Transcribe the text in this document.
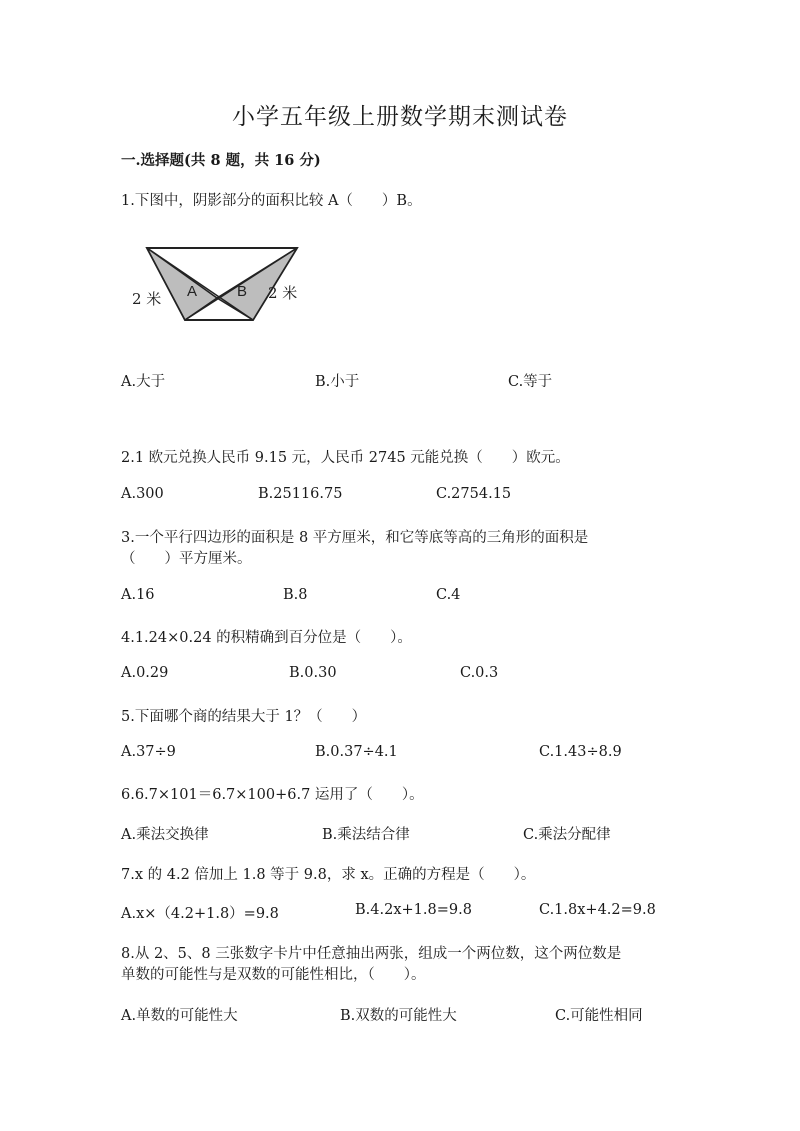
小学五年级上册数学期末测试卷
一.选择题(共 8 题，共 16 分)
1.下图中，阴影部分的面积比较 A（　　）B。
A	B
2 米	2 米
A.大于	B.小于	C.等于
2.1 欧元兑换人民币 9.15 元，人民币 2745 元能兑换（　　）欧元。
A.300	B.25116.75	C.2754.15
3.一个平行四边形的面积是 8 平方厘米，和它等底等高的三角形的面积是
（　　）平方厘米。
A.16	B.8	C.4
4.1.24×0.24 的积精确到百分位是（　　）。
A.0.29	B.0.30	C.0.3
5.下面哪个商的结果大于 1？（　　）
A.37÷9	B.0.37÷4.1	C.1.43÷8.9
6.6.7×101＝6.7×100+6.7 运用了（　　）。
A.乘法交换律	B.乘法结合律	C.乘法分配律
7.x 的 4.2 倍加上 1.8 等于 9.8，求 x。正确的方程是（　　）。
A.x×（4.2+1.8）=9.8	B.4.2x+1.8=9.8	C.1.8x+4.2=9.8
8.从 2、5、8 三张数字卡片中任意抽出两张，组成一个两位数，这个两位数是
单数的可能性与是双数的可能性相比，（　　）。
A.单数的可能性大	B.双数的可能性大	C.可能性相同
